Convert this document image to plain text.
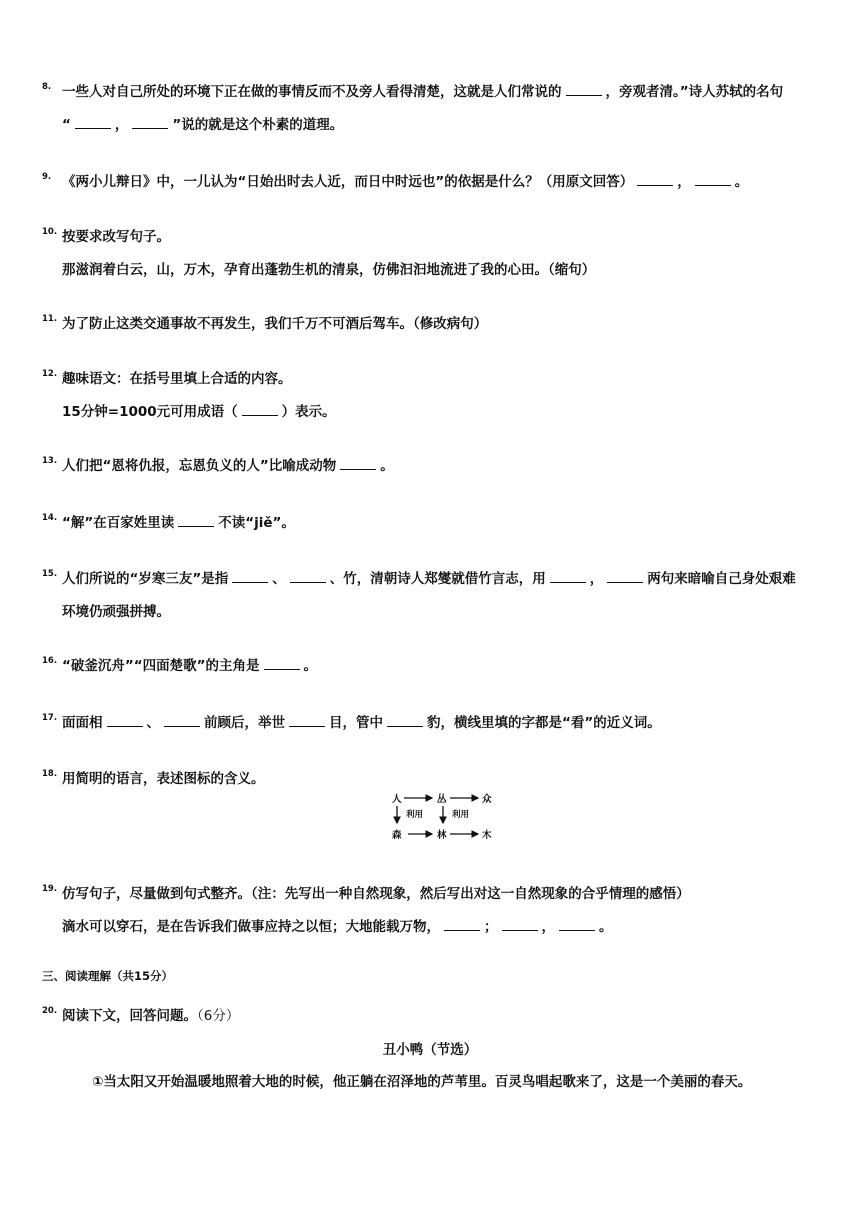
8. 一些人对自己所处的环境下正在做的事情反而不及旁人看得清楚，这就是人们常说的	，旁观者清。”诗人苏轼的名句
“	，	”说的就是这个朴素的道理。
9. 《两小儿辩日》中，一儿认为“日始出时去人近，而日中时远也”的依据是什么？（用原文回答）	，	。
10. 按要求改写句子。
那滋润着白云，山，万木，孕育出蓬勃生机的清泉，仿佛汩汩地流进了我的心田。（缩句）
11. 为了防止这类交通事故不再发生，我们千万不可酒后驾车。（修改病句）
12. 趣味语文：在括号里填上合适的内容。
15分钟=1000元可用成语（	）表示。
13. 人们把“恩将仇报，忘恩负义的人”比喻成动物	。
14. “解”在百家姓里读	不读“jiě”。
15. 人们所说的“岁寒三友”是指	、	、竹，清朝诗人郑燮就借竹言志，用	，	两句来暗喻自己身处艰难
环境仍顽强拼搏。
16. “破釜沉舟”“四面楚歌”的主角是	。
17. 面面相	、	前顾后，举世	目，管中	豹，横线里填的字都是“看”的近义词。
18. 用简明的语言，表述图标的含义。
人	丛	众
利用	利用
森	林	木
19. 仿写句子，尽量做到句式整齐。（注：先写出一种自然现象，然后写出对这一自然现象的合乎情理的感悟）
滴水可以穿石，是在告诉我们做事应持之以恒；大地能载万物，	；	，	。
三、阅读理解（共15分）
20. 阅读下文，回答问题。（6分）
丑小鸭（节选）
①当太阳又开始温暖地照着大地的时候，他正躺在沼泽地的芦苇里。百灵鸟唱起歌来了，这是一个美丽的春天。
